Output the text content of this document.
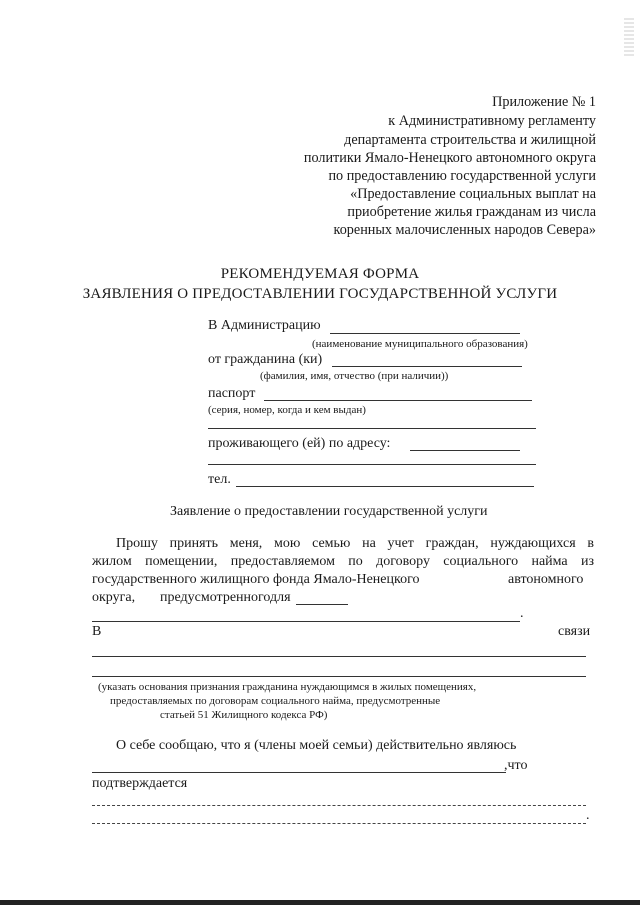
Приложение № 1
к Административному регламенту
департамента строительства и жилищной
политики Ямало-Ненецкого автономного округа
по предоставлению государственной услуги
«Предоставление социальных выплат на
приобретение жилья гражданам из числа
коренных малочисленных народов Севера»
РЕКОМЕНДУЕМАЯ ФОРМА
ЗАЯВЛЕНИЯ О ПРЕДОСТАВЛЕНИИ ГОСУДАРСТВЕННОЙ УСЛУГИ
В Администрацию
(наименование муниципального образования)
от гражданина (ки)
(фамилия, имя, отчество (при наличии))
паспорт
(серия, номер, когда и кем выдан)
проживающего (ей) по адресу:
тел.
Заявление о предоставлении государственной услуги
Прошу принять меня, мою семью на учет граждан, нуждающихся в
жилом помещении, предоставляемом по договору социального найма из
государственного жилищного фонда Ямало-Ненецкого	автономного
округа, предусмотренного для
.
В	связи
(указать основания признания гражданина нуждающимся в жилых помещениях,
предоставляемых по договорам социального найма, предусмотренные
статьей 51 Жилищного кодекса РФ)
О себе сообщаю, что я (члены моей семьи) действительно являюсь
,что
подтверждается
.
